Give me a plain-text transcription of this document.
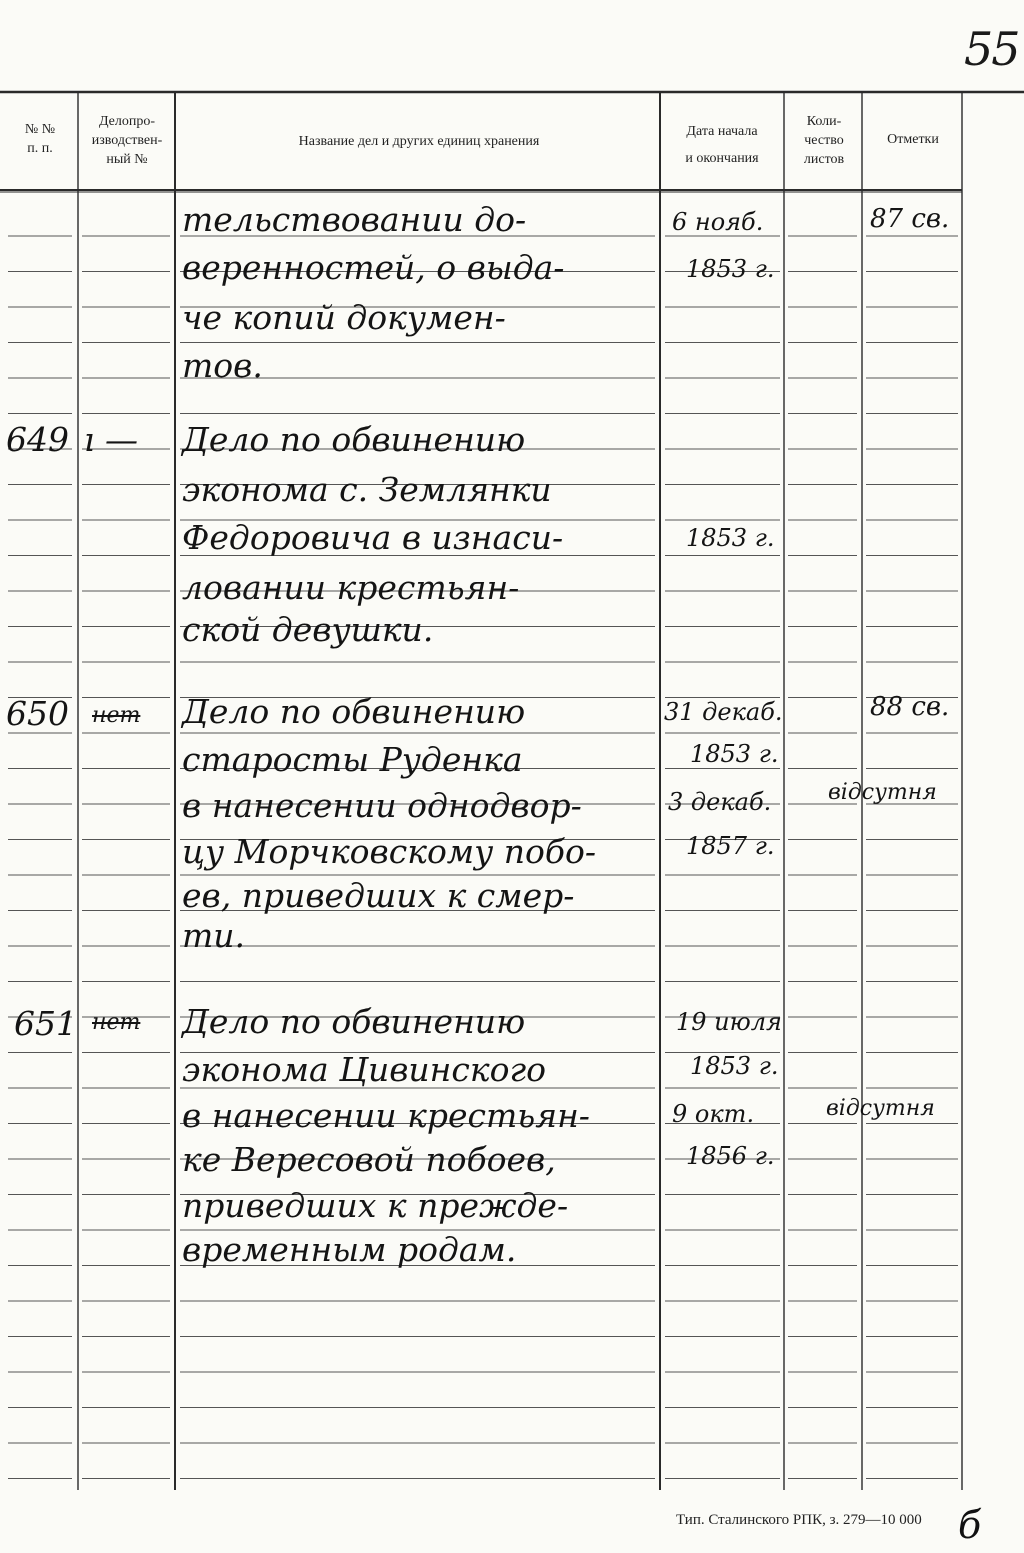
55
№ №
п. п.
Делопро-
изводствен-
ный №
Название дел и других единиц хранения
Дата начала
и окончания
Коли-
чество
листов
Отметки
тельствовании до-
веренностей, о выда-
че копий докумен-
тов.
6 нояб.
1853 г.
87 св.
649 ı — Дело по обвинению
эконома с. Землянки
Федоровича в изнаси-
ловании крестьян-
ской девушки.
1853 г.
650 нет Дело по обвинению
старосты Руденка
в нанесении однодвор-
цу Морчковскому побо-
ев, приведших к смер-
ти.
31 декаб.
1853 г.
3 декаб.
1857 г.
88 св.
відсутня
651 нет Дело по обвинению
эконома Цивинского
в нанесении крестьян-
ке Вересовой побоев,
приведших к прежде-
временным родам.
19 июля
1853 г.
9 окт.
1856 г.
відсутня
Тип. Сталинского РПК, з. 279—10 000 б
